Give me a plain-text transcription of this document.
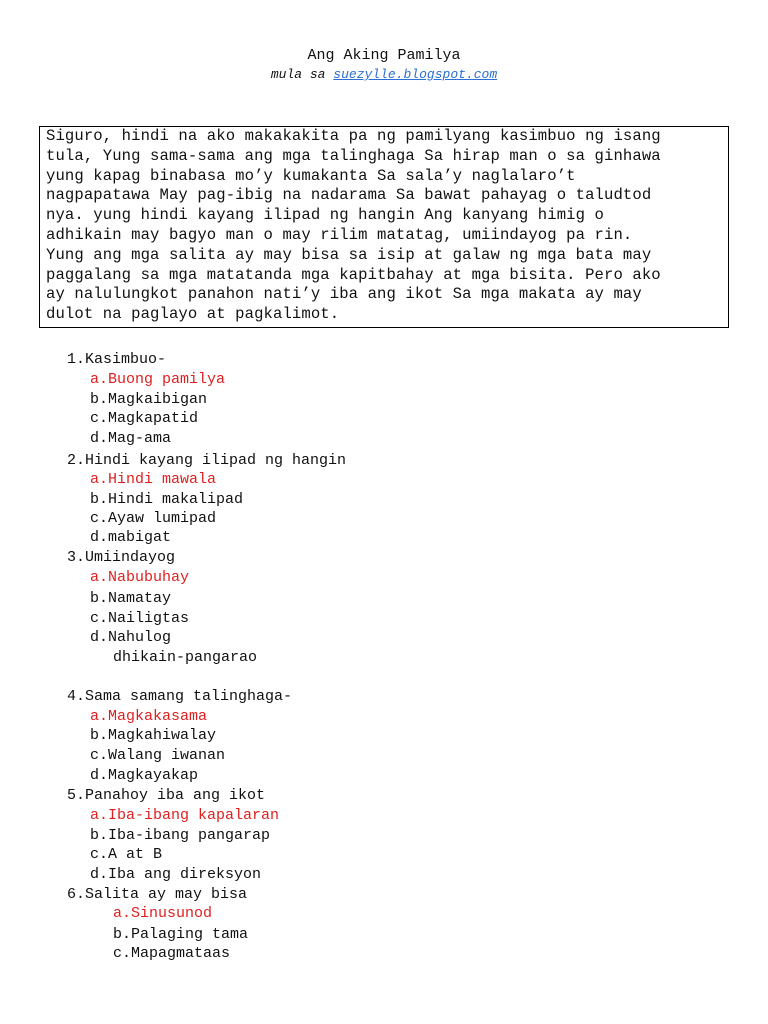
Ang Aking Pamilya
mula sa suezylle.blogspot.com
Siguro, hindi na ako makakakita pa ng pamilyang kasimbuo ng isang
tula, Yung sama-sama ang mga talinghaga Sa hirap man o sa ginhawa
yung kapag binabasa mo’y kumakanta Sa sala’y naglalaro’t
nagpapatawa May pag-ibig na nadarama Sa bawat pahayag o taludtod
nya. yung hindi kayang ilipad ng hangin Ang kanyang himig o
adhikain may bagyo man o may rilim matatag, umiindayog pa rin.
Yung ang mga salita ay may bisa sa isip at galaw ng mga bata may
paggalang sa mga matatanda mga kapitbahay at mga bisita. Pero ako
ay nalulungkot panahon nati’y iba ang ikot Sa mga makata ay may
dulot na paglayo at pagkalimot.
1.Kasimbuo-
a.Buong pamilya
b.Magkaibigan
c.Magkapatid
d.Mag-ama
2.Hindi kayang ilipad ng hangin
a.Hindi mawala
b.Hindi makalipad
c.Ayaw lumipad
d.mabigat
3.Umiindayog
a.Nabubuhay
b.Namatay
c.Nailigtas
d.Nahulog
dhikain-pangarao
4.Sama samang talinghaga-
a.Magkakasama
b.Magkahiwalay
c.Walang iwanan
d.Magkayakap
5.Panahoy iba ang ikot
a.Iba-ibang kapalaran
b.Iba-ibang pangarap
c.A at B
d.Iba ang direksyon
6.Salita ay may bisa
a.Sinusunod
b.Palaging tama
c.Mapagmataas
